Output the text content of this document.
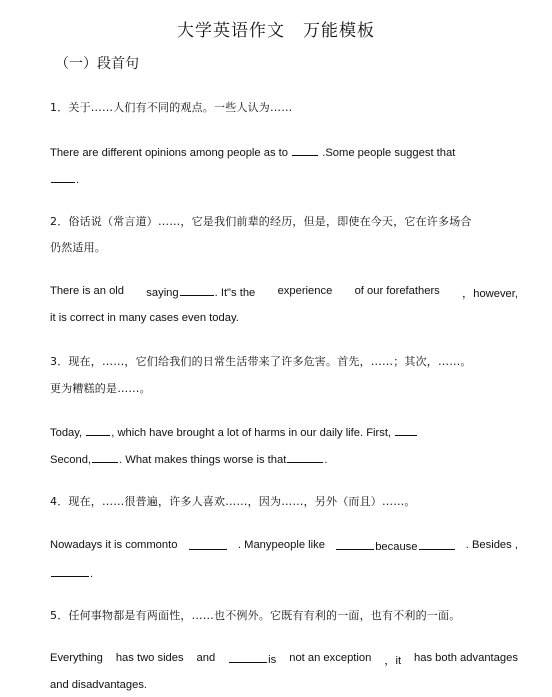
大学英语作文　万能模板
（一）段首句
1．关于……人们有不同的观点。一些人认为……
There are different opinions among people as to	.Some people suggest that
.
2．俗话说（常言道）……，它是我们前辈的经历，但是，即使在今天，它在许多场合
仍然适用。
There is an old saying	. It"s the experience of our forefathers ，however,
it is correct in many cases even today.
3．现在，……，它们给我们的日常生活带来了许多危害。首先，……；其次，……。
更为糟糕的是……。
Today, , which have brought a lot of harms in our daily life. First,
Second,	. What makes things worse is that	.
4．现在，……很普遍，许多人喜欢……，因为……，另外（而且）……。
Nowadays it is commonto	. Manypeople like	because	. Besides ,
.
5．任何事物都是有两面性，……也不例外。它既有有利的一面，也有不利的一面。
Everything has two sides and	is not an exception ，it has both advantages
and disadvantages.
